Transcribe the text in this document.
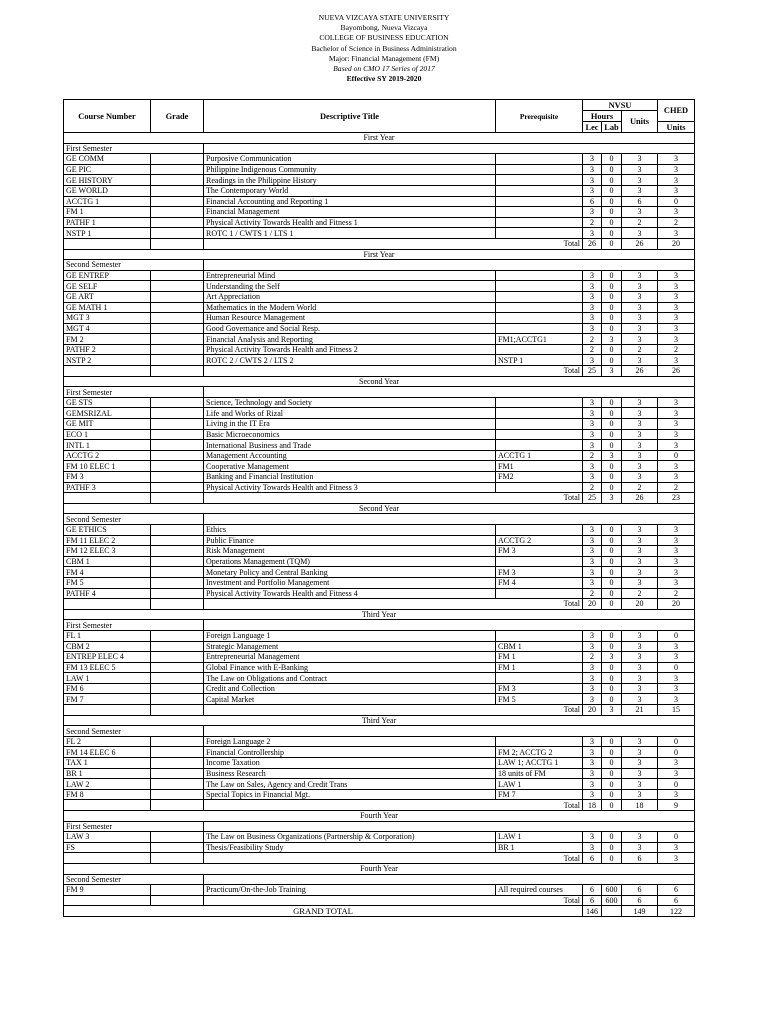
NUEVA VIZCAYA STATE UNIVERSITY
Bayombong, Nueva Vizcaya
COLLEGE OF BUSINESS EDUCATION
Bachelor of Science in Business Administration
Major: Financial Management (FM)
Based on CMO 17 Series of 2017
Effective SY 2019-2020
Course Number	Grade	Descriptive Title	Prerequisite	NVSU			CHED
				Hours		Units	
				Lec	Lab		Units
First Year							
First Semester							
GE COMM		Purposive Communication		3	0	3	3
GE PIC		Philippine Indigenous Community		3	0	3	3
GE HISTORY		Readings in the Philippine History		3	0	3	3
GE WORLD		The Contemporary World		3	0	3	3
ACCTG 1		Financial Accounting and Reporting 1		6	0	6	0
FM 1		Financial Management		3	0	3	3
PATHF 1		Physical Activity Towards Health and Fitness 1		2	0	2	2
NSTP 1		ROTC 1 / CWTS 1 / LTS 1		3	0	3	3
		Total		26	0	26	20
First Year							
Second Semester							
GE ENTREP		Entrepreneurial Mind		3	0	3	3
GE SELF		Understanding the Self		3	0	3	3
GE ART		Art Appreciation		3	0	3	3
GE MATH 1		Mathematics in the Modern World		3	0	3	3
MGT 3		Human Resource Management		3	0	3	3
MGT 4		Good Governance and Social Resp.		3	0	3	3
FM 2		Financial Analysis and Reporting	FM1;ACCTG1	2	3	3	3
PATHF 2		Physical Activity Towards Health and Fitness 2		2	0	2	2
NSTP 2		ROTC 2 / CWTS 2 / LTS 2	NSTP 1	3	0	3	3
		Total		25	3	26	26
Second Year							
First Semester							
GE STS		Science, Technology and Society		3	0	3	3
GEMSRIZAL		Life and Works of Rizal		3	0	3	3
GE MIT		Living in the IT Era		3	0	3	3
ECO 1		Basic Microeconomics		3	0	3	3
INTL 1		International Business and Trade		3	0	3	3
ACCTG 2		Management Accounting	ACCTG 1	2	3	3	0
FM 10 ELEC 1		Cooperative Management	FM1	3	0	3	3
FM 3		Banking and Financial Institution	FM2	3	0	3	3
PATHF 3		Physical Activity Towards Health and Fitness 3		2	0	2	2
		Total		25	3	26	23
Second Year							
Second Semester							
GE ETHICS		Ethics		3	0	3	3
FM 11 ELEC 2		Public Finance	ACCTG 2	3	0	3	3
FM 12 ELEC 3		Risk Management	FM 3	3	0	3	3
CBM 1		Operations Management (TQM)		3	0	3	3
FM 4		Monetary Policy and Central Banking	FM 3	3	0	3	3
FM 5		Investment and Portfolio Management	FM 4	3	0	3	3
PATHF 4		Physical Activity Towards Health and Fitness 4		2	0	2	2
		Total		20	0	20	20
Third Year							
First Semester							
FL 1		Foreign Language 1		3	0	3	0
CBM 2		Strategic Management	CBM 1	3	0	3	3
ENTREP ELEC 4		Entrepreneurial Management	FM 1	2	3	3	3
FM 13 ELEC 5		Global Finance with E-Banking	FM 1	3	0	3	0
LAW 1		The Law on Obligations and Contract		3	0	3	3
FM 6		Credit and Collection	FM 3	3	0	3	3
FM 7		Capital Market	FM 5	3	0	3	3
		Total		20	3	21	15
Third Year							
Second Semester							
FL 2		Foreign Language 2		3	0	3	0
FM 14 ELEC 6		Financial Controllership	FM 2; ACCTG 2	3	0	3	0
TAX 1		Income Taxation	LAW 1; ACCTG 1	3	0	3	3
BR 1		Business Research	18 units of FM	3	0	3	3
LAW 2		The Law on Sales, Agency and Credit Trans	LAW 1	3	0	3	0
FM 8		Special Topics in Financial Mgt.	FM 7	3	0	3	3
		Total		18	0	18	9
Fourth Year							
First Semester							
LAW 3		The Law on Business Organizations (Partnership & Corporation)	LAW 1	3	0	3	0
FS		Thesis/Feasibility Study	BR 1	3	0	3	3
		Total		6	0	6	3
Fourth Year							
Second Semester							
FM 9		Practicum/On-the-Job Training	All required courses	6	600	6	6
		Total		6	600	6	6
GRAND TOTAL				146		149	122
